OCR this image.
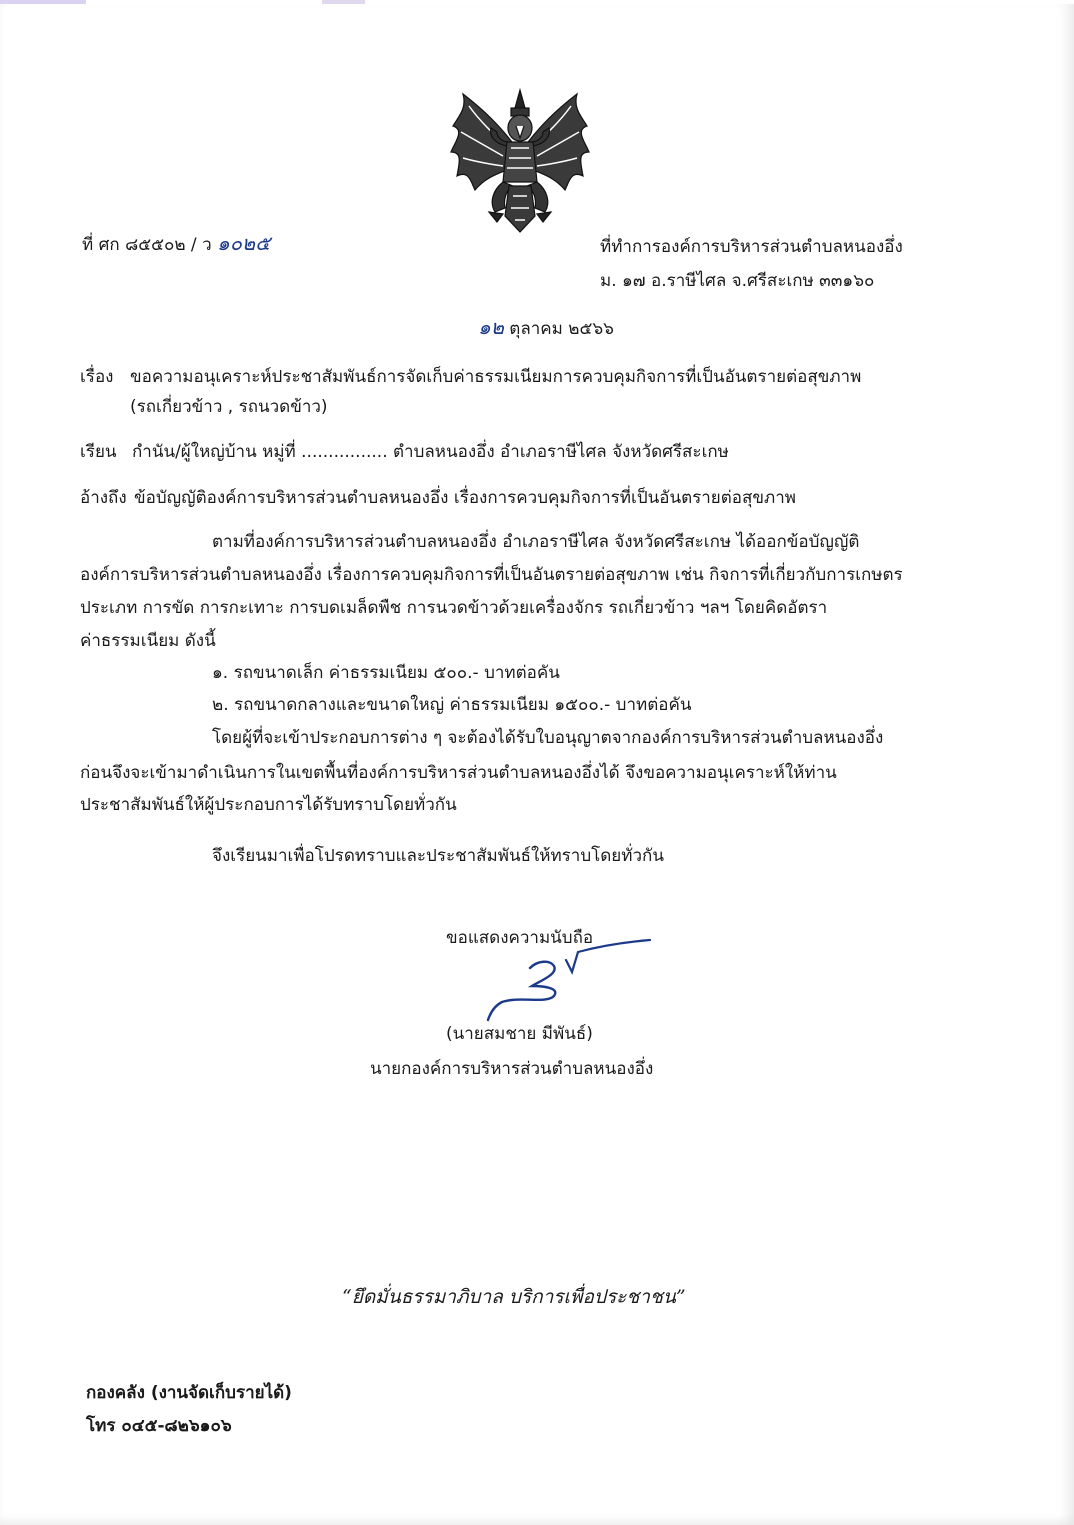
ที่ ศก ๘๕๕๐๒ / ว ๑๐๒๕	ที่ทำการองค์การบริหารส่วนตำบลหนองอึ่ง
ม. ๑๗ อ.ราษีไศล จ.ศรีสะเกษ ๓๓๑๖๐
๑๒ ตุลาคม ๒๕๖๖
เรื่อง ขอความอนุเคราะห์ประชาสัมพันธ์การจัดเก็บค่าธรรมเนียมการควบคุมกิจการที่เป็นอันตรายต่อสุขภาพ
(รถเกี่ยวข้าว , รถนวดข้าว)
เรียน กำนัน/ผู้ใหญ่บ้าน หมู่ที่ ................ ตำบลหนองอึ่ง อำเภอราษีไศล จังหวัดศรีสะเกษ
อ้างถึง ข้อบัญญัติองค์การบริหารส่วนตำบลหนองอึ่ง เรื่องการควบคุมกิจการที่เป็นอันตรายต่อสุขภาพ
ตามที่องค์การบริหารส่วนตำบลหนองอึ่ง อำเภอราษีไศล จังหวัดศรีสะเกษ ได้ออกข้อบัญญัติ
องค์การบริหารส่วนตำบลหนองอึ่ง เรื่องการควบคุมกิจการที่เป็นอันตรายต่อสุขภาพ เช่น กิจการที่เกี่ยวกับการเกษตร
ประเภท การขัด การกะเทาะ การบดเมล็ดพืช การนวดข้าวด้วยเครื่องจักร รถเกี่ยวข้าว ฯลฯ โดยคิดอัตรา
ค่าธรรมเนียม ดังนี้
๑. รถขนาดเล็ก ค่าธรรมเนียม ๕๐๐.- บาทต่อคัน
๒. รถขนาดกลางและขนาดใหญ่ ค่าธรรมเนียม ๑๕๐๐.- บาทต่อคัน
โดยผู้ที่จะเข้าประกอบการต่าง ๆ จะต้องได้รับใบอนุญาตจากองค์การบริหารส่วนตำบลหนองอึ่ง
ก่อนจึงจะเข้ามาดำเนินการในเขตพื้นที่องค์การบริหารส่วนตำบลหนองอึ่งได้ จึงขอความอนุเคราะห์ให้ท่าน
ประชาสัมพันธ์ให้ผู้ประกอบการได้รับทราบโดยทั่วกัน
จึงเรียนมาเพื่อโปรดทราบและประชาสัมพันธ์ให้ทราบโดยทั่วกัน
ขอแสดงความนับถือ
(นายสมชาย มีพันธ์)
นายกองค์การบริหารส่วนตำบลหนองอึ่ง
“ยึดมั่นธรรมาภิบาล บริการเพื่อประชาชน”
กองคลัง (งานจัดเก็บรายได้)
โทร ๐๔๕-๘๒๖๑๐๖
